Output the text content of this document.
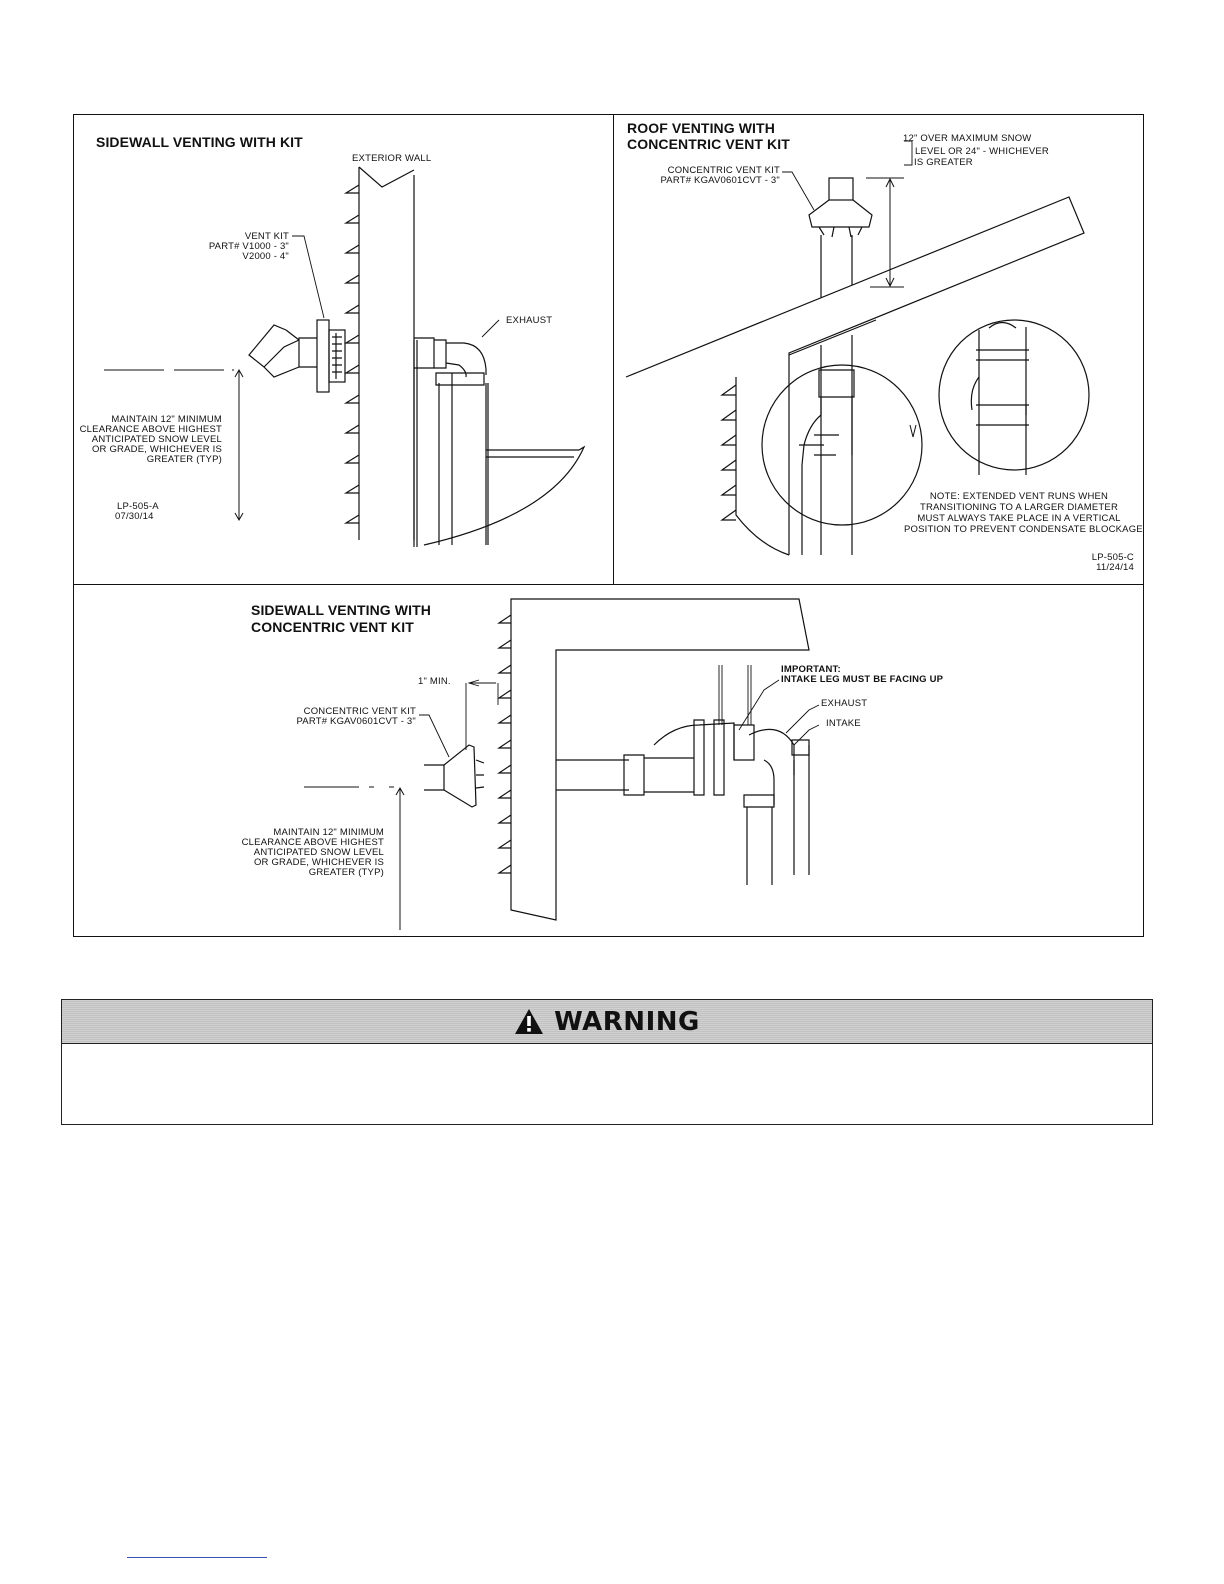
SIDEWALL VENTING WITH KIT
EXTERIOR WALL
VENT KIT
PART# V1000 - 3"
V2000 - 4"
EXHAUST
MAINTAIN 12" MINIMUM
CLEARANCE ABOVE HIGHEST
ANTICIPATED SNOW LEVEL
OR GRADE, WHICHEVER IS
GREATER (TYP)
LP-505-A
07/30/14
ROOF VENTING WITH
CONCENTRIC VENT KIT	12" OVER MAXIMUM SNOW
LEVEL OR 24" - WHICHEVER
IS GREATER
CONCENTRIC VENT KIT
PART# KGAV0601CVT - 3"
NOTE: EXTENDED VENT RUNS WHEN
TRANSITIONING TO A LARGER DIAMETER
MUST ALWAYS TAKE PLACE IN A VERTICAL
POSITION TO PREVENT CONDENSATE BLOCKAGE
LP-505-C
11/24/14
SIDEWALL VENTING WITH
CONCENTRIC VENT KIT
1" MIN.
CONCENTRIC VENT KIT
PART# KGAV0601CVT - 3"
IMPORTANT:
INTAKE LEG MUST BE FACING UP
EXHAUST
INTAKE
MAINTAIN 12" MINIMUM
CLEARANCE ABOVE HIGHEST
ANTICIPATED SNOW LEVEL
OR GRADE, WHICHEVER IS
GREATER (TYP)
WARNING
